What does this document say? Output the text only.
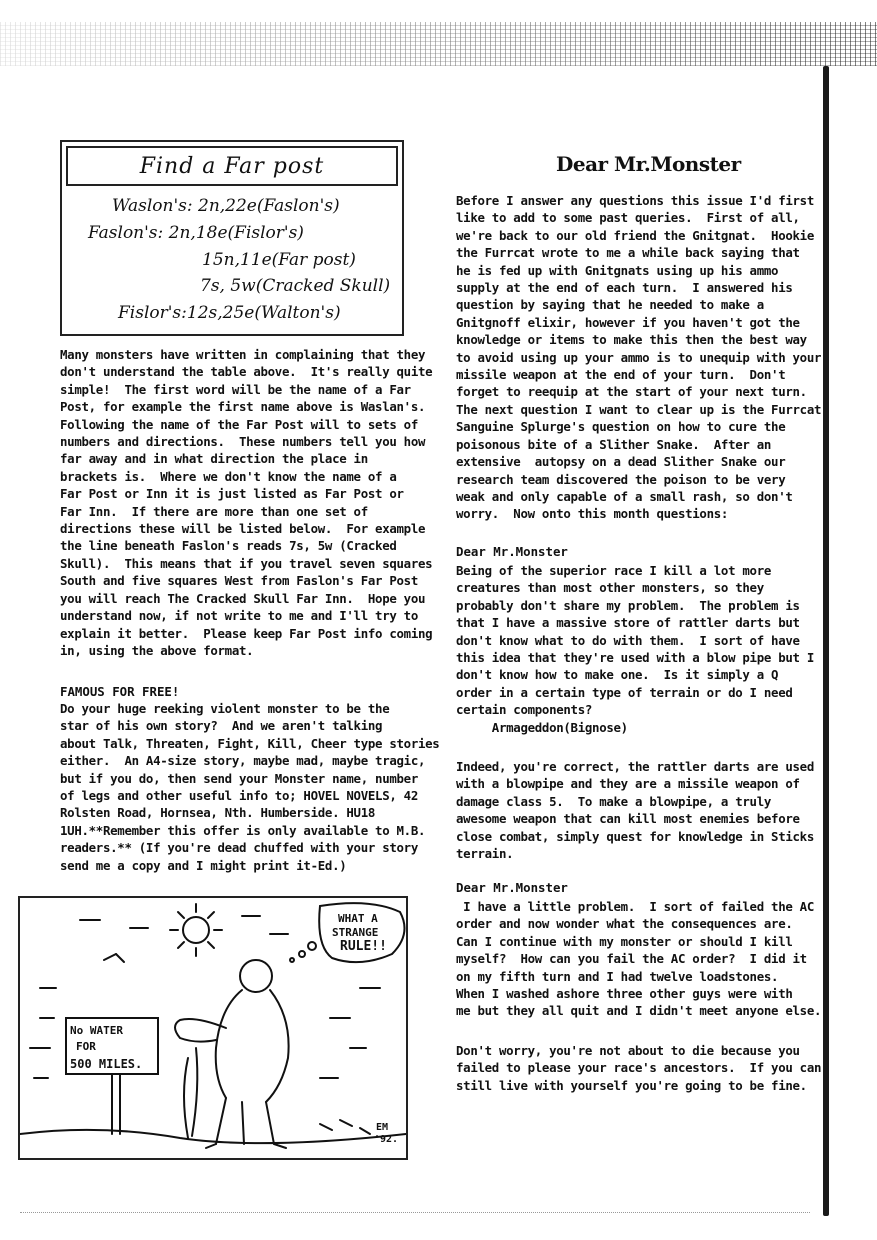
Find a Far post
Waslon's: 2n,22e(Faslon's)
Faslon's: 2n,18e(Fislor's)
15n,11e(Far post)
7s, 5w(Cracked Skull)
Fislor's:12s,25e(Walton's)
Many monsters have written in complaining that they
don't understand the table above.  It's really quite
simple!  The first word will be the name of a Far
Post, for example the first name above is Waslan's.
Following the name of the Far Post will to sets of
numbers and directions.  These numbers tell you how
far away and in what direction the place in
brackets is.  Where we don't know the name of a
Far Post or Inn it is just listed as Far Post or
Far Inn.  If there are more than one set of
directions these will be listed below.  For example
the line beneath Faslon's reads 7s, 5w (Cracked
Skull).  This means that if you travel seven squares
South and five squares West from Faslon's Far Post
you will reach The Cracked Skull Far Inn.  Hope you
understand now, if not write to me and I'll try to
explain it better.  Please keep Far Post info coming
in, using the above format.
FAMOUS FOR FREE!
Do your huge reeking violent monster to be the
star of his own story?  And we aren't talking
about Talk, Threaten, Fight, Kill, Cheer type stories
either.  An A4-size story, maybe mad, maybe tragic,
but if you do, then send your Monster name, number
of legs and other useful info to; HOVEL NOVELS, 42
Rolsten Road, Hornsea, Nth. Humberside. HU18
1UH.**Remember this offer is only available to M.B.
readers.** (If you're dead chuffed with your story
send me a copy and I might print it-Ed.)
WHAT A
STRANGE
RULE!!
No WATER
FOR
500 MILES.
EM
'92.
Dear Mr.Monster
Before I answer any questions this issue I'd first
like to add to some past queries.  First of all,
we're back to our old friend the Gnitgnat.  Hookie
the Furrcat wrote to me a while back saying that
he is fed up with Gnitgnats using up his ammo
supply at the end of each turn.  I answered his
question by saying that he needed to make a
Gnitgnoff elixir, however if you haven't got the
knowledge or items to make this then the best way
to avoid using up your ammo is to unequip with your
missile weapon at the end of your turn.  Don't
forget to reequip at the start of your next turn.
The next question I want to clear up is the Furrcat
Sanguine Splurge's question on how to cure the
poisonous bite of a Slither Snake.  After an
extensive  autopsy on a dead Slither Snake our
research team discovered the poison to be very
weak and only capable of a small rash, so don't
worry.  Now onto this month questions:
Dear Mr.Monster
Being of the superior race I kill a lot more
creatures than most other monsters, so they
probably don't share my problem.  The problem is
that I have a massive store of rattler darts but
don't know what to do with them.  I sort of have
this idea that they're used with a blow pipe but I
don't know how to make one.  Is it simply a Q
order in a certain type of terrain or do I need
certain components?
Armageddon(Bignose)
Indeed, you're correct, the rattler darts are used
with a blowpipe and they are a missile weapon of
damage class 5.  To make a blowpipe, a truly
awesome weapon that can kill most enemies before
close combat, simply quest for knowledge in Sticks
terrain.
Dear Mr.Monster
I have a little problem.  I sort of failed the AC
order and now wonder what the consequences are.
Can I continue with my monster or should I kill
myself?  How can you fail the AC order?  I did it
on my fifth turn and I had twelve loadstones.
When I washed ashore three other guys were with
me but they all quit and I didn't meet anyone else.
Don't worry, you're not about to die because you
failed to please your race's ancestors.  If you can
still live with yourself you're going to be fine.
